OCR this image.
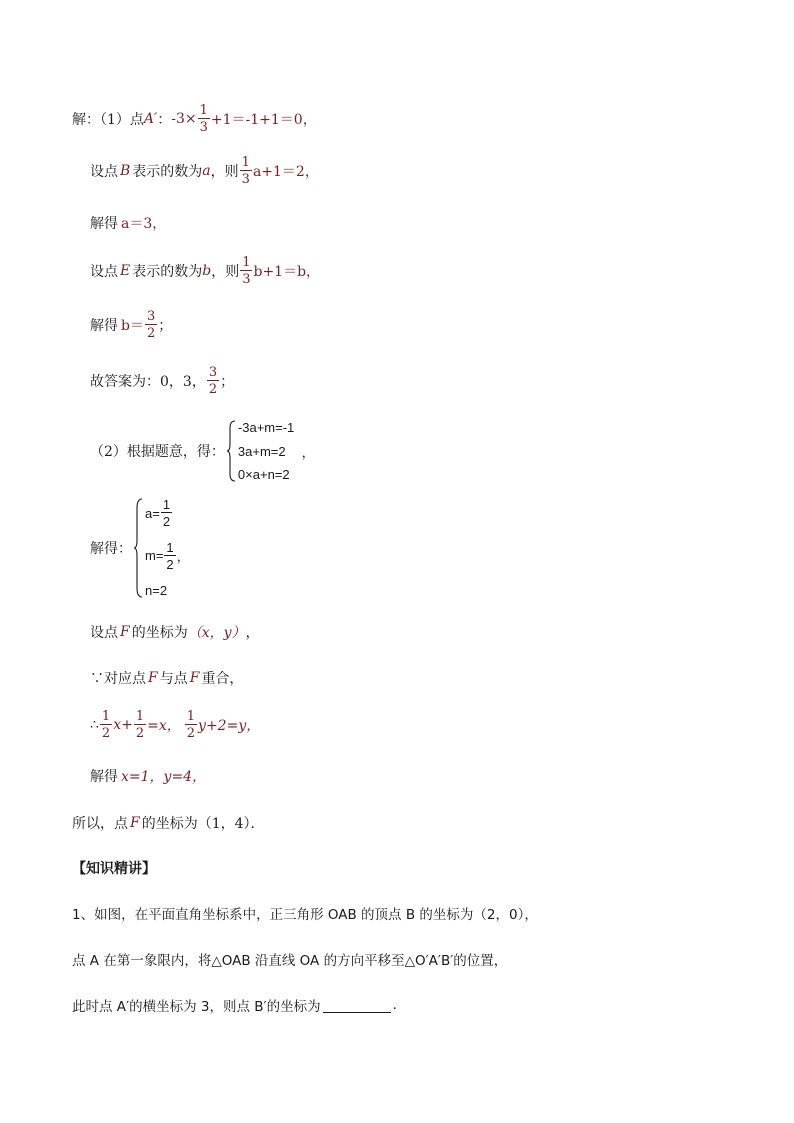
解：（1）点 A′ ： $-3\times \frac{1}{3} +1=-1+1=0$，
设点 B 表示的数为 a ，则 $\frac{1}{3} a+1=2$，
解得 a＝3，
设点 E 表示的数为 b ，则 $\frac{1}{3} b+1=b$，
解得 $b= \frac{3}{2}$ ；
故答案为：0，3， $\frac{3}{2}$ ；
（2）根据题意，得：
-3a+m=-1
3a+m=2 ，
0×a+n=2
解得：
$a= \frac{1}{2}$
$m= \frac{1}{2}$ ，
n=2
设点 F 的坐标为 （x，y） ，
∵对应点 F 与点 F 重合，
∴ $\frac{1}{2} x+ \frac{1}{2} =x$， $\frac{1}{2} y+2=y$，
解得 x=1，y=4，
所以，点 F 的坐标为（1，4）．
【知识精讲】
1、如图，在平面直角坐标系中，正三角形 OAB 的顶点 B 的坐标为（2，0），
点 A 在第一象限内，将△OAB 沿直线 OA 的方向平移至△O′A′B′的位置，
此时点 A′的横坐标为 3，则点 B′的坐标为	.
